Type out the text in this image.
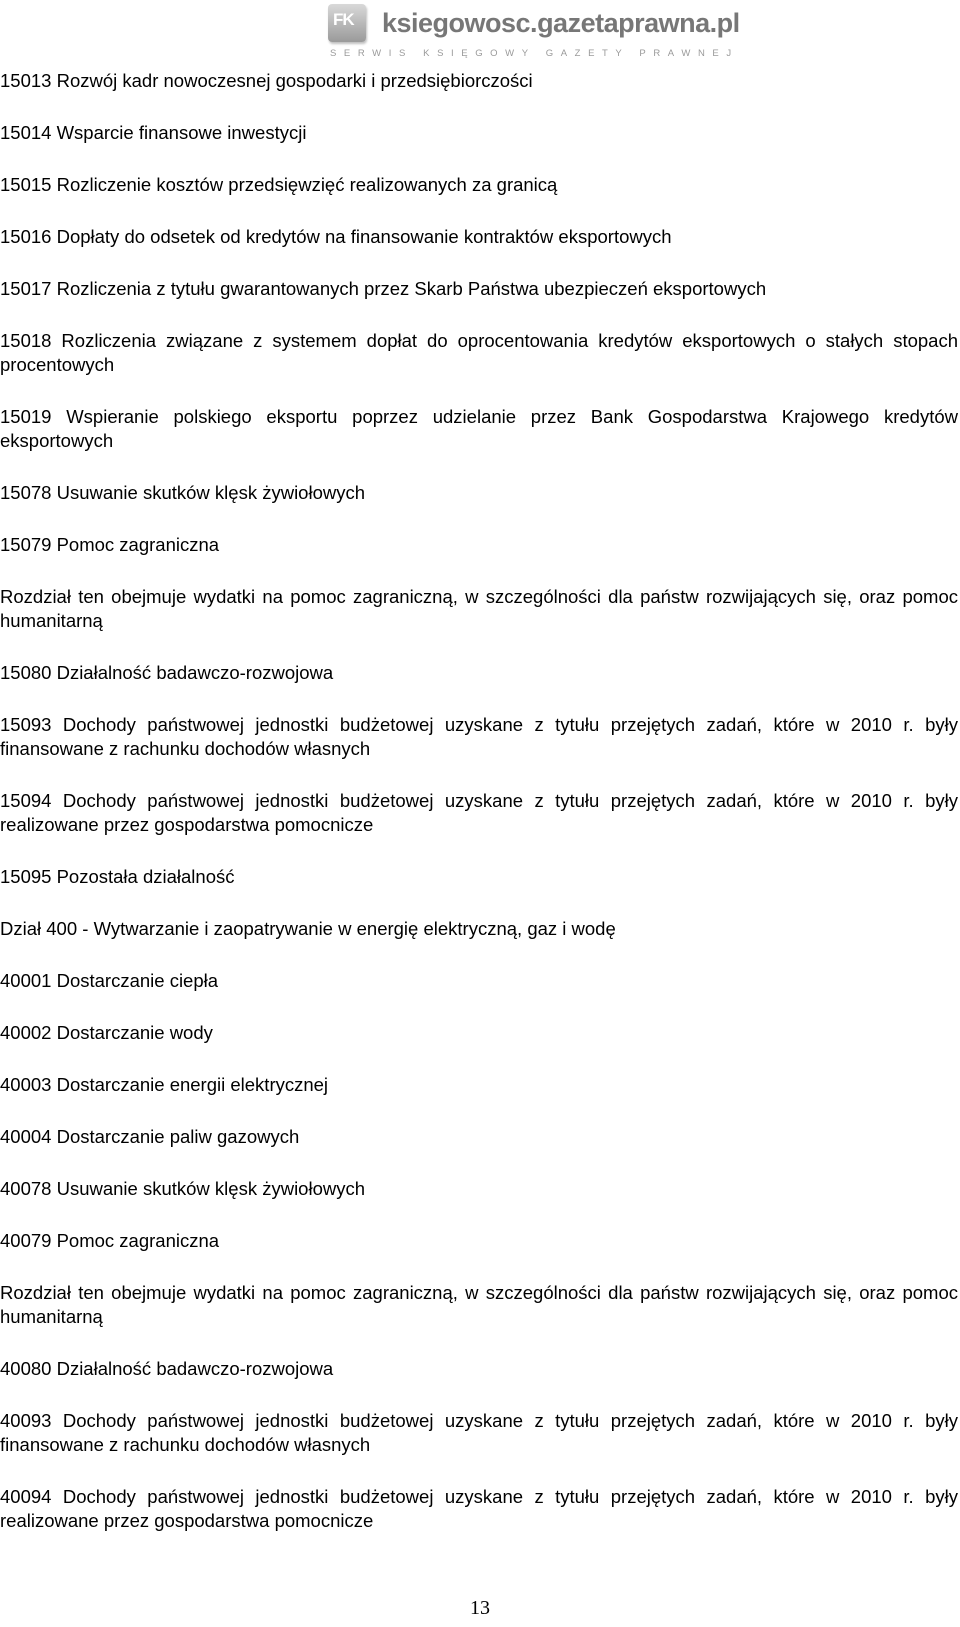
FK ksiegowosc.gazetaprawna.pl
SERWIS KSIĘGOWY GAZETY PRAWNEJ

15013 Rozwój kadr nowoczesnej gospodarki i przedsiębiorczości

15014 Wsparcie finansowe inwestycji

15015 Rozliczenie kosztów przedsięwzięć realizowanych za granicą

15016 Dopłaty do odsetek od kredytów na finansowanie kontraktów eksportowych

15017 Rozliczenia z tytułu gwarantowanych przez Skarb Państwa ubezpieczeń eksportowych

15018 Rozliczenia związane z systemem dopłat do oprocentowania kredytów eksportowych o stałych stopach procentowych

15019 Wspieranie polskiego eksportu poprzez udzielanie przez Bank Gospodarstwa Krajowego kredytów eksportowych

15078 Usuwanie skutków klęsk żywiołowych

15079 Pomoc zagraniczna

Rozdział ten obejmuje wydatki na pomoc zagraniczną, w szczególności dla państw rozwijających się, oraz pomoc humanitarną

15080 Działalność badawczo-rozwojowa

15093 Dochody państwowej jednostki budżetowej uzyskane z tytułu przejętych zadań, które w 2010 r. były finansowane z rachunku dochodów własnych

15094 Dochody państwowej jednostki budżetowej uzyskane z tytułu przejętych zadań, które w 2010 r. były realizowane przez gospodarstwa pomocnicze

15095 Pozostała działalność

Dział 400 - Wytwarzanie i zaopatrywanie w energię elektryczną, gaz i wodę

40001 Dostarczanie ciepła

40002 Dostarczanie wody

40003 Dostarczanie energii elektrycznej

40004 Dostarczanie paliw gazowych

40078 Usuwanie skutków klęsk żywiołowych

40079 Pomoc zagraniczna

Rozdział ten obejmuje wydatki na pomoc zagraniczną, w szczególności dla państw rozwijających się, oraz pomoc humanitarną

40080 Działalność badawczo-rozwojowa

40093 Dochody państwowej jednostki budżetowej uzyskane z tytułu przejętych zadań, które w 2010 r. były finansowane z rachunku dochodów własnych

40094 Dochody państwowej jednostki budżetowej uzyskane z tytułu przejętych zadań, które w 2010 r. były realizowane przez gospodarstwa pomocnicze

13
